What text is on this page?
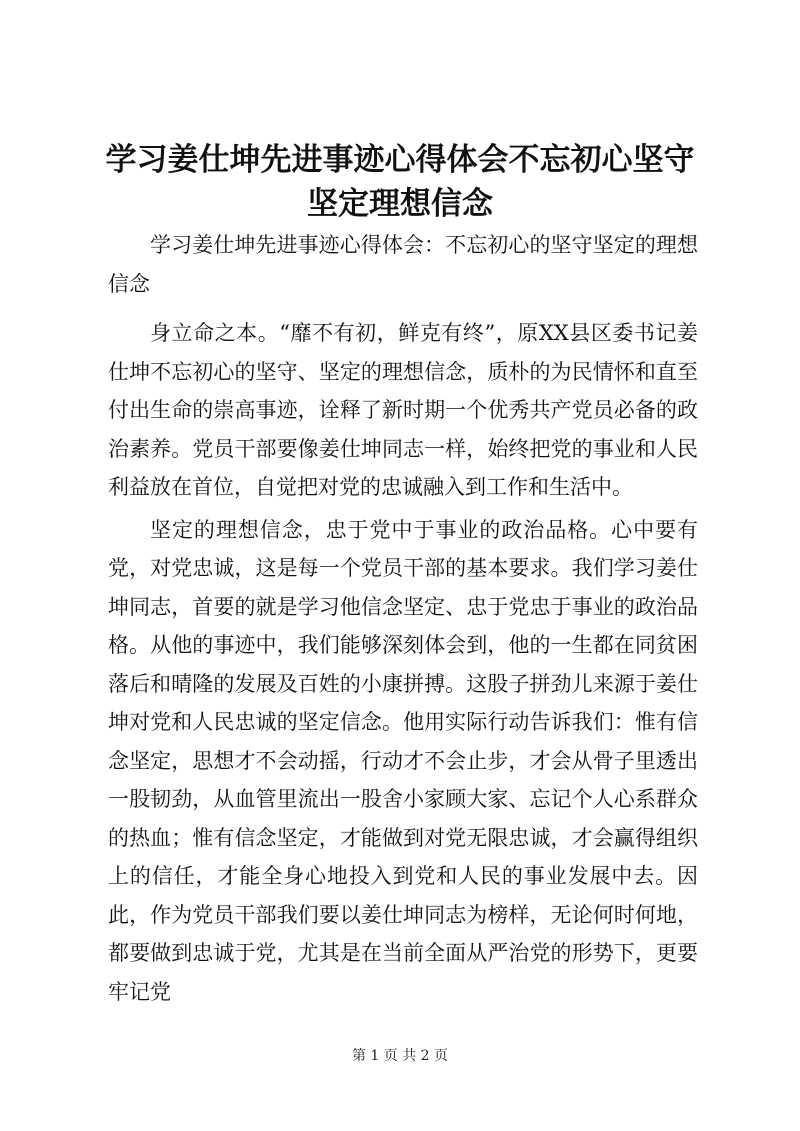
学习姜仕坤先进事迹心得体会不忘初心坚守坚定理想信念

学习姜仕坤先进事迹心得体会：不忘初心的坚守坚定的理想信念

身立命之本。“靡不有初，鲜克有终”，原XX县区委书记姜仕坤不忘初心的坚守、坚定的理想信念，质朴的为民情怀和直至付出生命的崇高事迹，诠释了新时期一个优秀共产党员必备的政治素养。党员干部要像姜仕坤同志一样，始终把党的事业和人民利益放在首位，自觉把对党的忠诚融入到工作和生活中。

坚定的理想信念，忠于党中于事业的政治品格。心中要有党，对党忠诚，这是每一个党员干部的基本要求。我们学习姜仕坤同志，首要的就是学习他信念坚定、忠于党忠于事业的政治品格。从他的事迹中，我们能够深刻体会到，他的一生都在同贫困落后和晴隆的发展及百姓的小康拼搏。这股子拼劲儿来源于姜仕坤对党和人民忠诚的坚定信念。他用实际行动告诉我们：惟有信念坚定，思想才不会动摇，行动才不会止步，才会从骨子里透出一股韧劲，从血管里流出一股舍小家顾大家、忘记个人心系群众的热血；惟有信念坚定，才能做到对党无限忠诚，才会赢得组织上的信任，才能全身心地投入到党和人民的事业发展中去。因此，作为党员干部我们要以姜仕坤同志为榜样，无论何时何地，都要做到忠诚于党，尤其是在当前全面从严治党的形势下，更要牢记党

第 1 页 共 2 页
